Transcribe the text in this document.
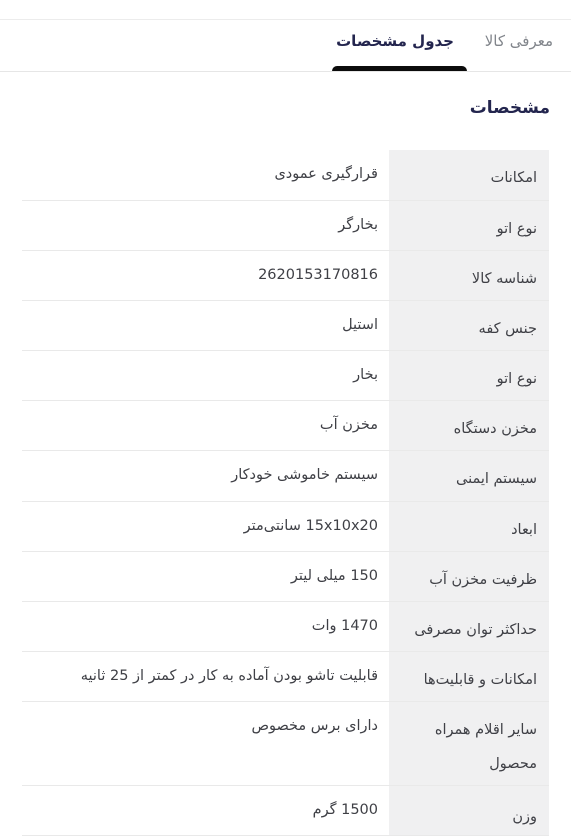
معرفی کالا
جدول مشخصات
مشخصات
امکانات
قرارگیری عمودی
نوع اتو
بخارگر
شناسه کالا
2620153170816
جنس کفه
استیل
نوع اتو
بخار
مخزن دستگاه
مخزن آب
سیستم ایمنی
سیستم خاموشی خودکار
ابعاد
15x10x20 سانتی‌متر
ظرفیت مخزن آب
150 میلی لیتر
حداکثر توان مصرفی
1470 وات
امکانات و قابلیت‌ها
قابلیت تاشو بودن آماده به کار در کمتر از 25 ثانیه
سایر اقلام همراه محصول
دارای برس مخصوص
وزن
1500 گرم
